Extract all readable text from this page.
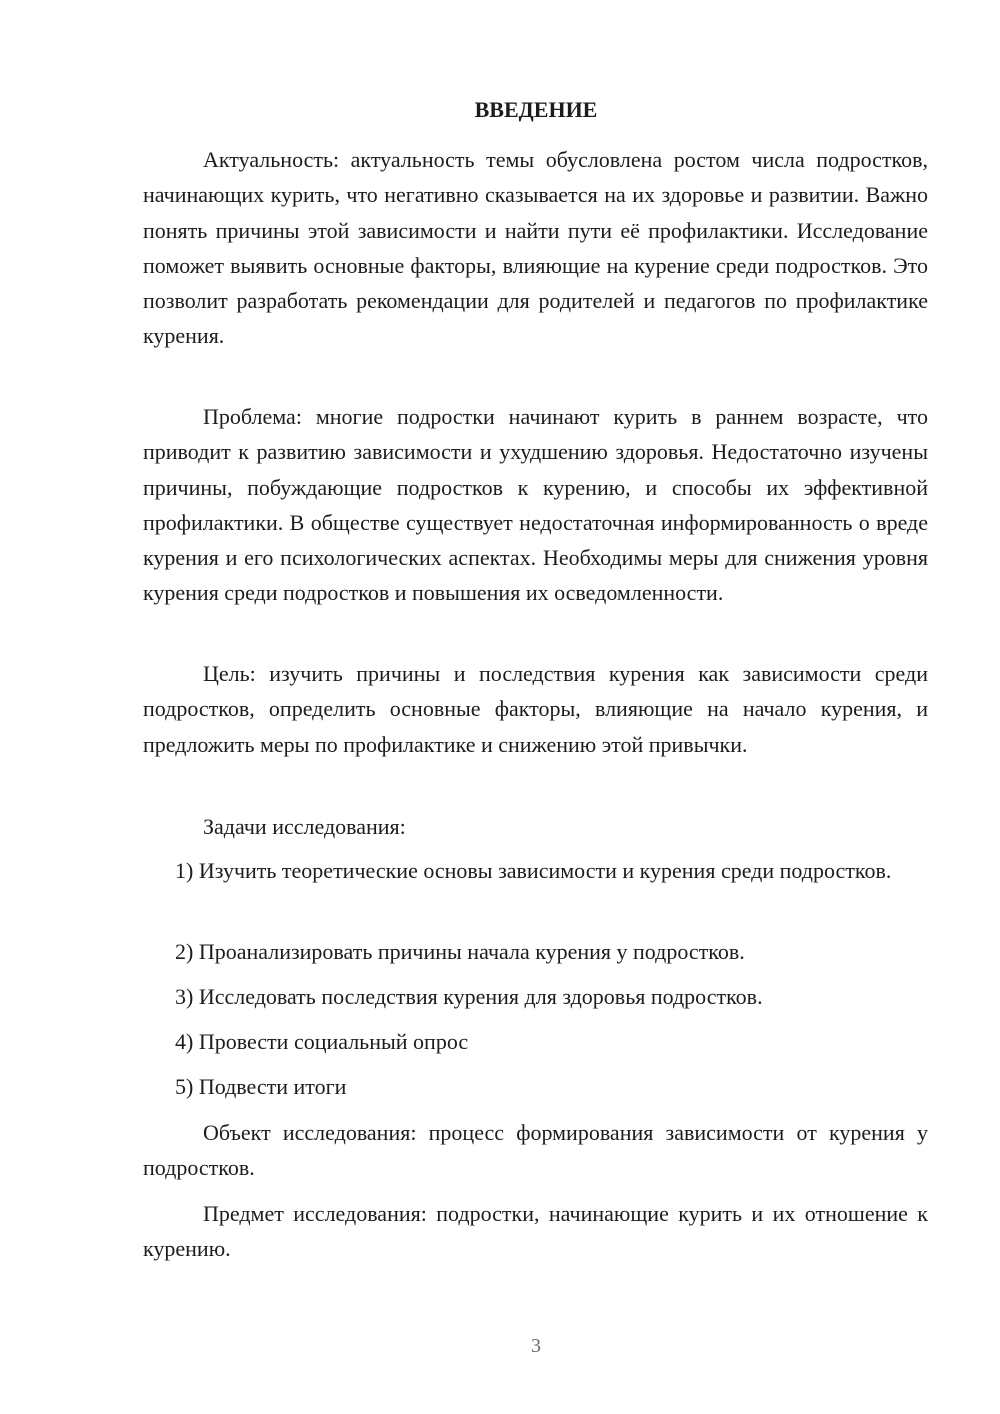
ВВЕДЕНИЕ

Актуальность: актуальность темы обусловлена ростом числа подростков, начинающих курить, что негативно сказывается на их здоровье и развитии. Важно понять причины этой зависимости и найти пути её профилактики. Исследование поможет выявить основные факторы, влияющие на курение среди подростков. Это позволит разработать рекомендации для родителей и педагогов по профилактике курения.

Проблема: многие подростки начинают курить в раннем возрасте, что приводит к развитию зависимости и ухудшению здоровья. Недостаточно изучены причины, побуждающие подростков к курению, и способы их эффективной профилактики. В обществе существует недостаточная информированность о вреде курения и его психологических аспектах. Необходимы меры для снижения уровня курения среди подростков и повышения их осведомленности.

Цель: изучить причины и последствия курения как зависимости среди подростков, определить основные факторы, влияющие на начало курения, и предложить меры по профилактике и снижению этой привычки.

Задачи исследования:

1) Изучить теоретические основы зависимости и курения среди подростков.

2) Проанализировать причины начала курения у подростков.

3) Исследовать последствия курения для здоровья подростков.

4) Провести социальный опрос

5) Подвести итоги

Объект исследования: процесс формирования зависимости от курения у подростков.

Предмет исследования: подростки, начинающие курить и их отношение к курению.

3
